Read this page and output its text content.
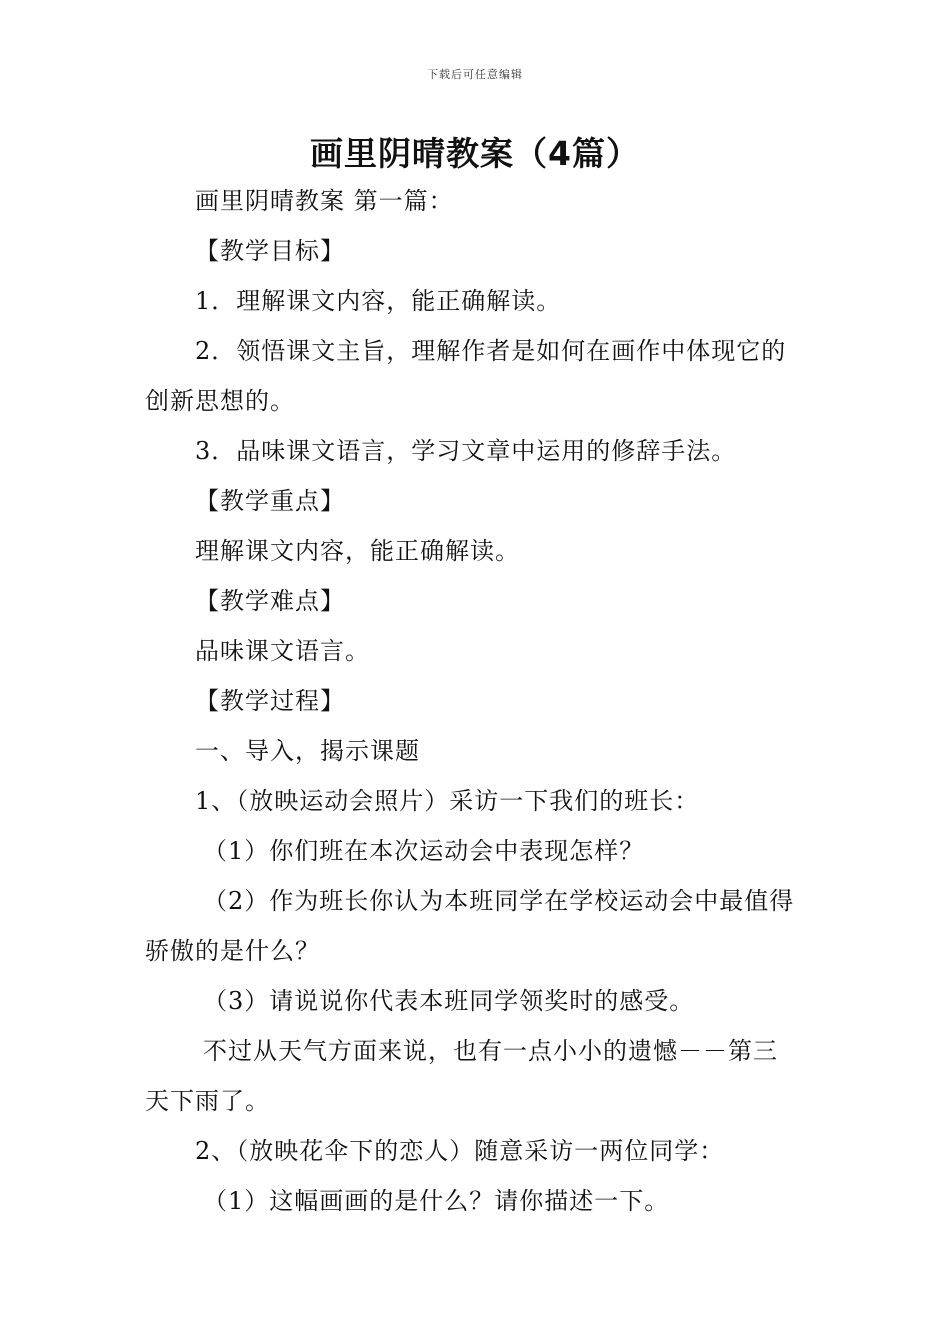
下载后可任意编辑
画里阴晴教案（4篇）

画里阴晴教案 第一篇：

【教学目标】

1．理解课文内容，能正确解读。

2．领悟课文主旨，理解作者是如何在画作中体现它的

创新思想的。

3．品味课文语言，学习文章中运用的修辞手法。

【教学重点】

理解课文内容，能正确解读。

【教学难点】

品味课文语言。

【教学过程】

一、导入，揭示课题

1、（放映运动会照片）采访一下我们的班长：

（1）你们班在本次运动会中表现怎样？

（2）作为班长你认为本班同学在学校运动会中最值得

骄傲的是什么？

（3）请说说你代表本班同学领奖时的感受。

不过从天气方面来说，也有一点小小的遗憾－－第三

天下雨了。

2、（放映花伞下的恋人）随意采访一两位同学：

（1）这幅画画的是什么？请你描述一下。
